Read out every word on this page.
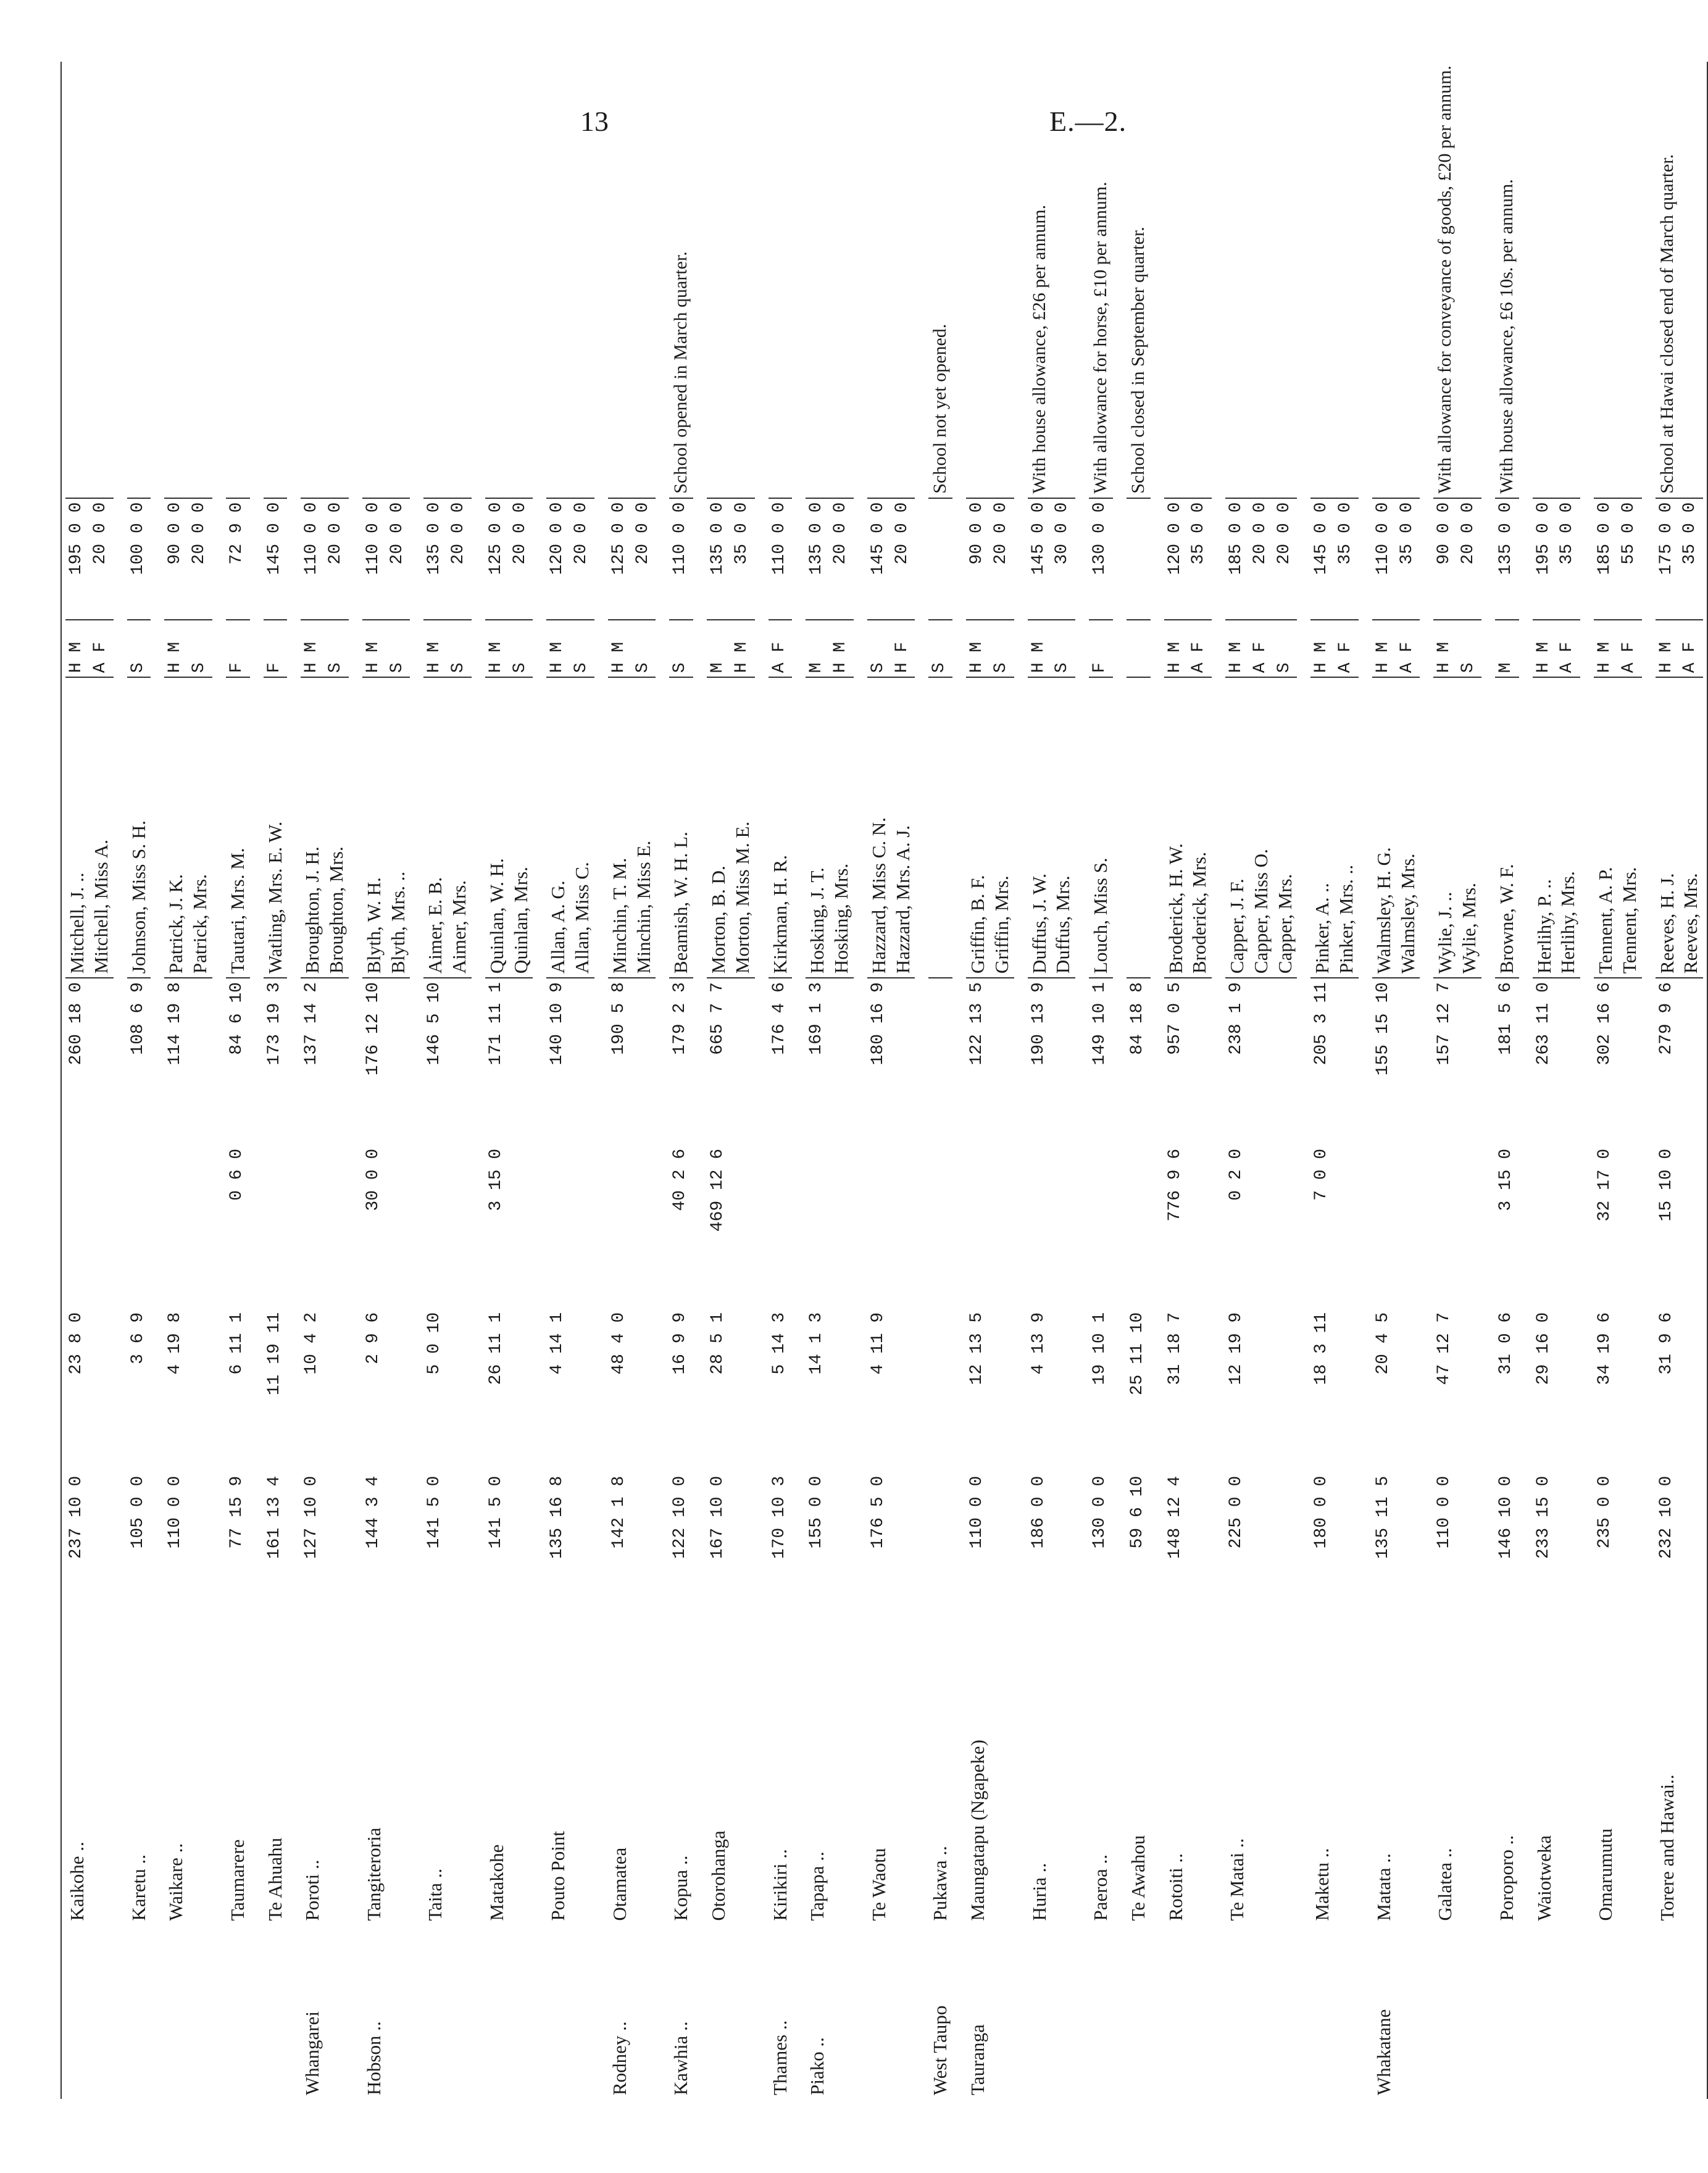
13	E.—2.

	Kaikohe ..	237 10 0	23 8 0		260 18 0	Mitchell, J. ..	H M	195 0 0	
						Mitchell, Miss A.	A F	20 0 0	

	Karetu ..	105 0 0	3 6 9		108 6 9	Johnson, Miss S. H.	S	100 0 0	

	Waikare ..	110 0 0	4 19 8		114 19 8	Patrick, J. K.	H M	90 0 0	
						Patrick, Mrs.	S	20 0 0	

	Taumarere	77 15 9	6 11 1	0 6 0	84 6 10	Tautari, Mrs. M.	F	72 9 0	

	Te Ahuahu	161 13 4	11 19 11		173 19 3	Watling, Mrs. E. W.	F	145 0 0	

Whangarei	Poroti ..	127 10 0	10 4 2		137 14 2	Broughton, J. H.	H M	110 0 0	
						Broughton, Mrs.	S	20 0 0	

Hobson ..	Tangiteroria	144 3 4	2 9 6	30 0 0	176 12 10	Blyth, W. H.	H M	110 0 0	
						Blyth, Mrs. ..	S	20 0 0	

	Taita ..	141 5 0	5 0 10		146 5 10	Aimer, E. B.	H M	135 0 0	
						Aimer, Mrs.	S	20 0 0	

	Matakohe	141 5 0	26 11 1	3 15 0	171 11 1	Quinlan, W. H.	H M	125 0 0	
						Quinlan, Mrs.	S	20 0 0	

	Pouto Point	135 16 8	4 14 1		140 10 9	Allan, A. G.	H M	120 0 0	
						Allan, Miss C.	S	20 0 0	

Rodney ..	Otamatea	142 1 8	48 4 0		190 5 8	Minchin, T. M.	H M	125 0 0	
						Minchin, Miss E.	S	20 0 0	

Kawhia ..	Kopua ..	122 10 0	16 9 9	40 2 6	179 2 3	Beamish, W. H. L.	S	110 0 0	School opened in March quarter.

	Otorohanga	167 10 0	28 5 1	469 12 6	665 7 7	Morton, B. D.	M	135 0 0	
						Morton, Miss M. E.	H M	35 0 0	

Thames ..	Kirikiri ..	170 10 3	5 14 3		176 4 6	Kirkman, H. R.	A F	110 0 0	

Piako ..	Tapapa ..	155 0 0	14 1 3		169 1 3	Hosking, J. T.	M	135 0 0	
						Hosking, Mrs.	H M	20 0 0	

	Te Waotu	176 5 0	4 11 9		180 16 9	Hazzard, Miss C. N.	S	145 0 0	
						Hazzard, Mrs. A. J.	H F	20 0 0	

West Taupo	Pukawa ..						S		School not yet opened.

Tauranga	Maungatapu (Ngapeke)	110 0 0	12 13 5		122 13 5	Griffin, B. F.	H M	90 0 0	
						Griffin, Mrs.	S	20 0 0	

	Huria ..	186 0 0	4 13 9		190 13 9	Duffus, J. W.	H M	145 0 0	With house allowance, £26 per annum.
						Duffus, Mrs.	S	30 0 0	

	Paeroa ..	130 0 0	19 10 1		149 10 1	Louch, Miss S.	F	130 0 0	With allowance for horse, £10 per annum.

	Te Awahou	59 6 10	25 11 10		84 18 8				School closed in September quarter.

	Rotoiti ..	148 12 4	31 18 7	776 9 6	957 0 5	Broderick, H. W.	H M	120 0 0	
						Broderick, Mrs.	A F	35 0 0	

	Te Matai ..	225 0 0	12 19 9	0 2 0	238 1 9	Capper, J. F.	H M	185 0 0	
						Capper, Miss O.	A F	20 0 0	
						Capper, Mrs.	S	20 0 0	

	Maketu ..	180 0 0	18 3 11	7 0 0	205 3 11	Pinker, A. ..	H M	145 0 0	
						Pinker, Mrs. ..	A F	35 0 0	

Whakatane	Matata ..	135 11 5	20 4 5		155 15 10	Walmsley, H. G.	H M	110 0 0	
						Walmsley, Mrs.	A F	35 0 0	

	Galatea ..	110 0 0	47 12 7		157 12 7	Wylie, J. ..	H M	90 0 0	With allowance for conveyance of goods, £20 per annum.
						Wylie, Mrs.	S	20 0 0	

	Poroporo ..	146 10 0	31 0 6	3 15 0	181 5 6	Browne, W. F.	M	135 0 0	With house allowance, £6 10s. per annum.

	Waiotweka	233 15 0	29 16 0		263 11 0	Herlihy, P. ..	H M	195 0 0	
						Herlihy, Mrs.	A F	35 0 0	

	Omarumutu	235 0 0	34 19 6	32 17 0	302 16 6	Tennent, A. P.	H M	185 0 0	
						Tennent, Mrs.	A F	55 0 0	

	Torere and Hawai..	232 10 0	31 9 6	15 10 0	279 9 6	Reeves, H. J.	H M	175 0 0	School at Hawai closed end of March quarter.
						Reeves, Mrs.	A F	35 0 0	
